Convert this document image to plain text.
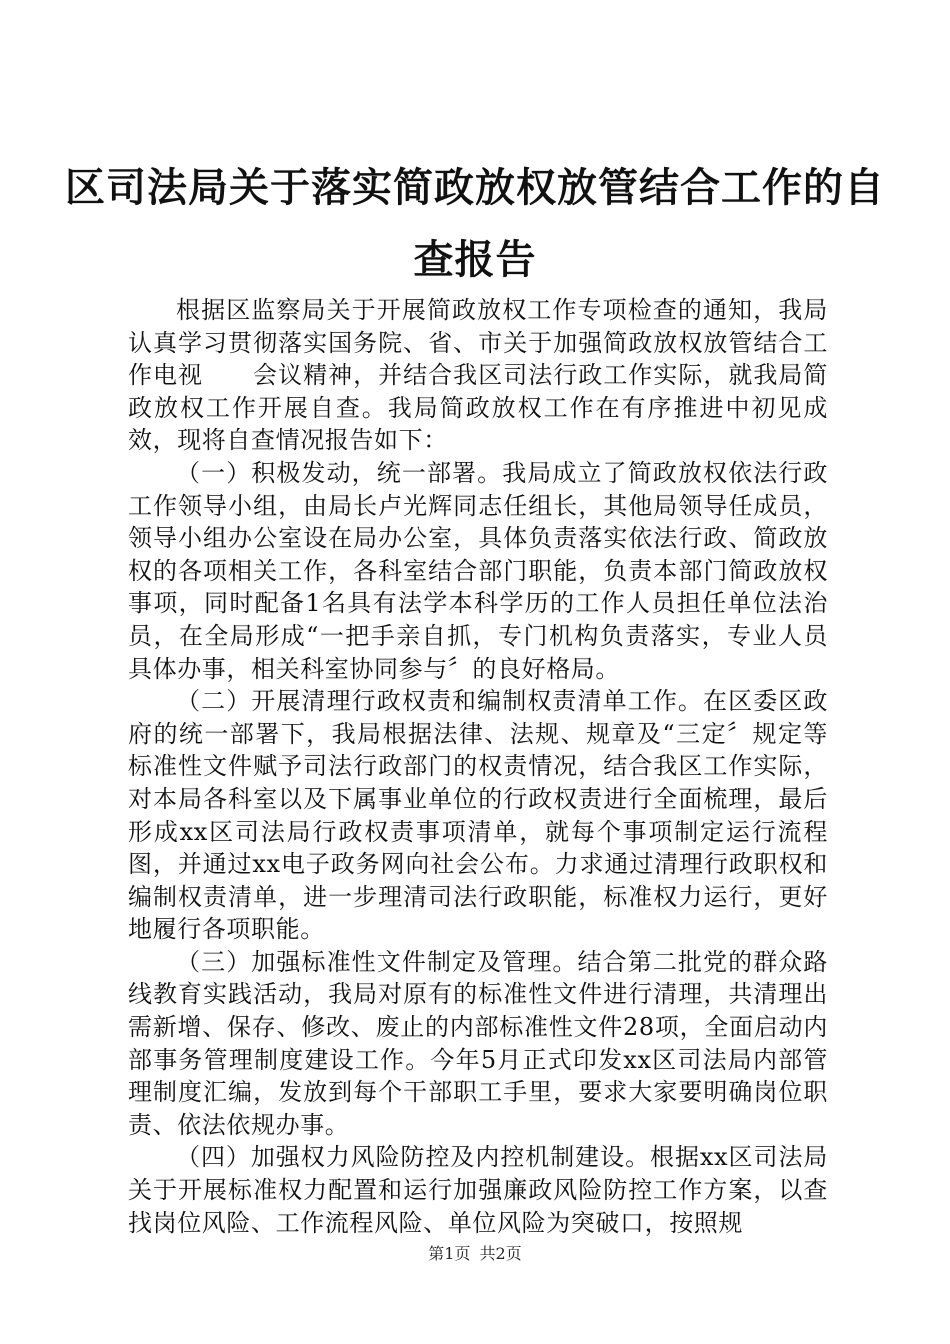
区司法局关于落实简政放权放管结合工作的自查报告

根据区监察局关于开展简政放权工作专项检查的通知，我局认真学习贯彻落实国务院、省、市关于加强简政放权放管结合工作电视　　会议精神，并结合我区司法行政工作实际，就我局简政放权工作开展自查。我局简政放权工作在有序推进中初见成效，现将自查情况报告如下：

（一）积极发动，统一部署。我局成立了简政放权依法行政工作领导小组，由局长卢光辉同志任组长，其他局领导任成员，领导小组办公室设在局办公室，具体负责落实依法行政、简政放权的各项相关工作，各科室结合部门职能，负责本部门简政放权事项，同时配备1名具有法学本科学历的工作人员担任单位法治员，在全局形成“一把手亲自抓，专门机构负责落实，专业人员具体办事，相关科室协同参与〞的良好格局。

（二）开展清理行政权责和编制权责清单工作。在区委区政府的统一部署下，我局根据法律、法规、规章及“三定〞规定等标准性文件赋予司法行政部门的权责情况，结合我区工作实际，对本局各科室以及下属事业单位的行政权责进行全面梳理，最后形成xx区司法局行政权责事项清单，就每个事项制定运行流程图，并通过xx电子政务网向社会公布。力求通过清理行政职权和编制权责清单，进一步理清司法行政职能，标准权力运行，更好地履行各项职能。

（三）加强标准性文件制定及管理。结合第二批党的群众路线教育实践活动，我局对原有的标准性文件进行清理，共清理出需新增、保存、修改、废止的内部标准性文件28项，全面启动内部事务管理制度建设工作。今年5月正式印发xx区司法局内部管理制度汇编，发放到每个干部职工手里，要求大家要明确岗位职责、依法依规办事。

（四）加强权力风险防控及内控机制建设。根据xx区司法局关于开展标准权力配置和运行加强廉政风险防控工作方案，以查找岗位风险、工作流程风险、单位风险为突破口，按照规

第1页 共2页
